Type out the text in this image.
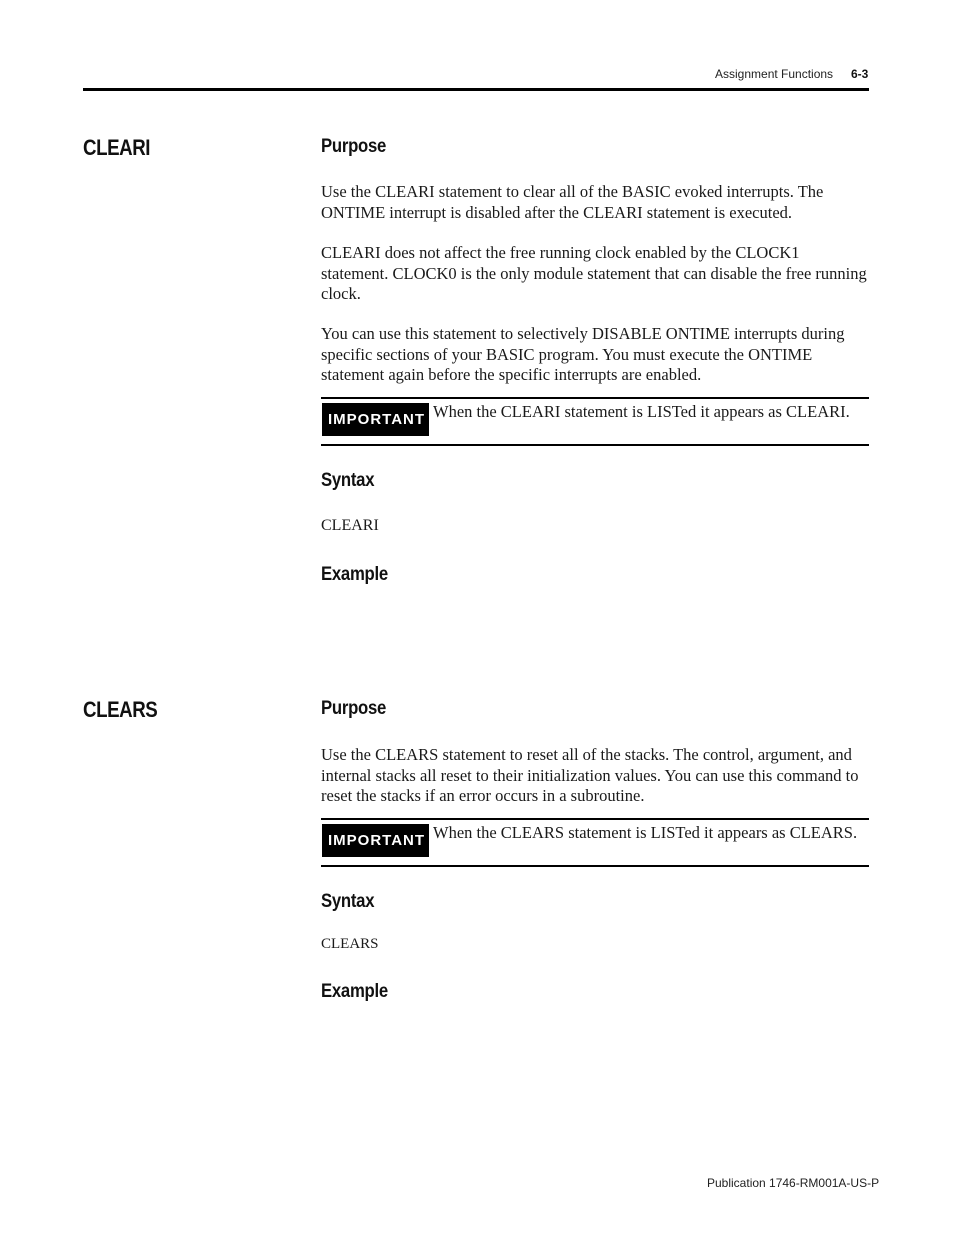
Assignment Functions 6-3
CLEARI	Purpose
Use the CLEARI statement to clear all of the BASIC evoked interrupts. The ONTIME interrupt is disabled after the CLEARI statement is executed.
CLEARI does not affect the free running clock enabled by the CLOCK1 statement. CLOCK0 is the only module statement that can disable the free running clock.
You can use this statement to selectively DISABLE ONTIME interrupts during specific sections of your BASIC program. You must execute the ONTIME statement again before the specific interrupts are enabled.
IMPORTANT When the CLEARI statement is LISTed it appears as CLEARI.
Syntax
CLEARI
Example
CLEARS	Purpose
Use the CLEARS statement to reset all of the stacks. The control, argument, and internal stacks all reset to their initialization values. You can use this command to reset the stacks if an error occurs in a subroutine.
IMPORTANT When the CLEARS statement is LISTed it appears as CLEARS.
Syntax
CLEARS
Example
Publication 1746-RM001A-US-P
